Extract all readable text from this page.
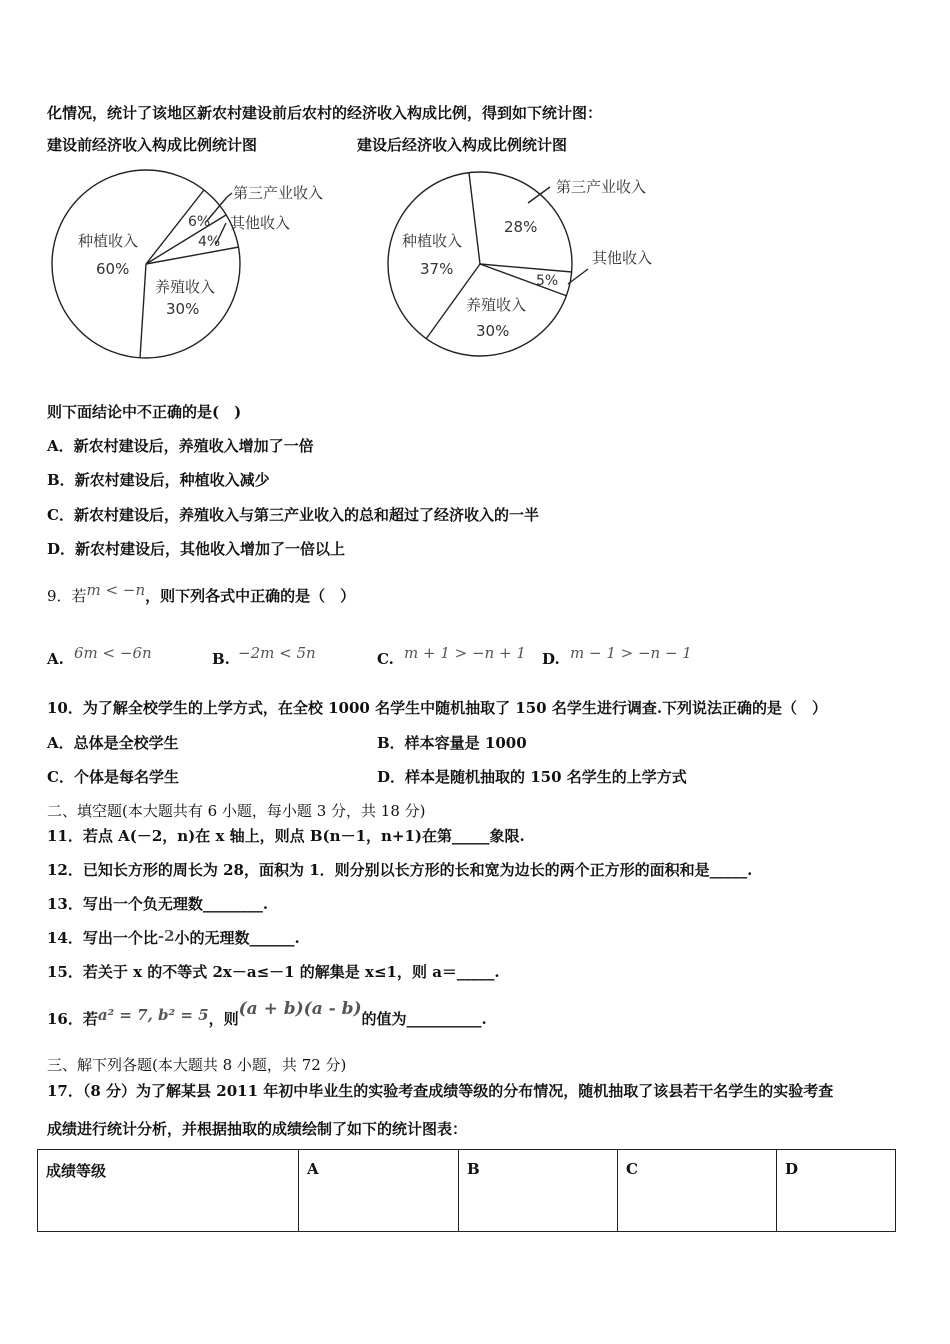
化情况，统计了该地区新农村建设前后农村的经济收入构成比例，得到如下统计图：
建设前经济收入构成比例统计图	建设后经济收入构成比例统计图
种植收入
60%
第三产业收入
6% 其他收入
4%
养殖收入
30%
种植收入
37%
第三产业收入
28%
其他收入
5%
养殖收入
30%
则下面结论中不正确的是(　)
A．新农村建设后，养殖收入增加了一倍
B．新农村建设后，种植收入减少
C．新农村建设后，养殖收入与第三产业收入的总和超过了经济收入的一半
D．新农村建设后，其他收入增加了一倍以上
9．若m < −n，则下列各式中正确的是（　）
A. 6m < −6n	B. −2m < 5n	C. m + 1 > −n + 1 D. m − 1 > −n − 1
10．为了解全校学生的上学方式，在全校 1000 名学生中随机抽取了 150 名学生进行调查.下列说法正确的是（　）
A．总体是全校学生	B．样本容量是 1000
C．个体是每名学生	D．样本是随机抽取的 150 名学生的上学方式
二、填空题(本大题共有 6 小题，每小题 3 分，共 18 分)
11．若点 A(－2，n)在 x 轴上，则点 B(n－1，n+1)在第_____象限.
12．已知长方形的周长为 28，面积为 1．则分别以长方形的长和宽为边长的两个正方形的面积和是_____.
13．写出一个负无理数________.
14．写出一个比-2小的无理数______.
15．若关于 x 的不等式 2x－a≤－1 的解集是 x≤1，则 a＝_____.
16．若a² = 7, b² = 5，则(a + b)(a - b)的值为__________.
三、解下列各题(本大题共 8 小题，共 72 分)
17．（8 分）为了解某县 2011 年初中毕业生的实验考查成绩等级的分布情况，随机抽取了该县若干名学生的实验考查
成绩进行统计分析，并根据抽取的成绩绘制了如下的统计图表：
成绩等级	A	B	C	D
